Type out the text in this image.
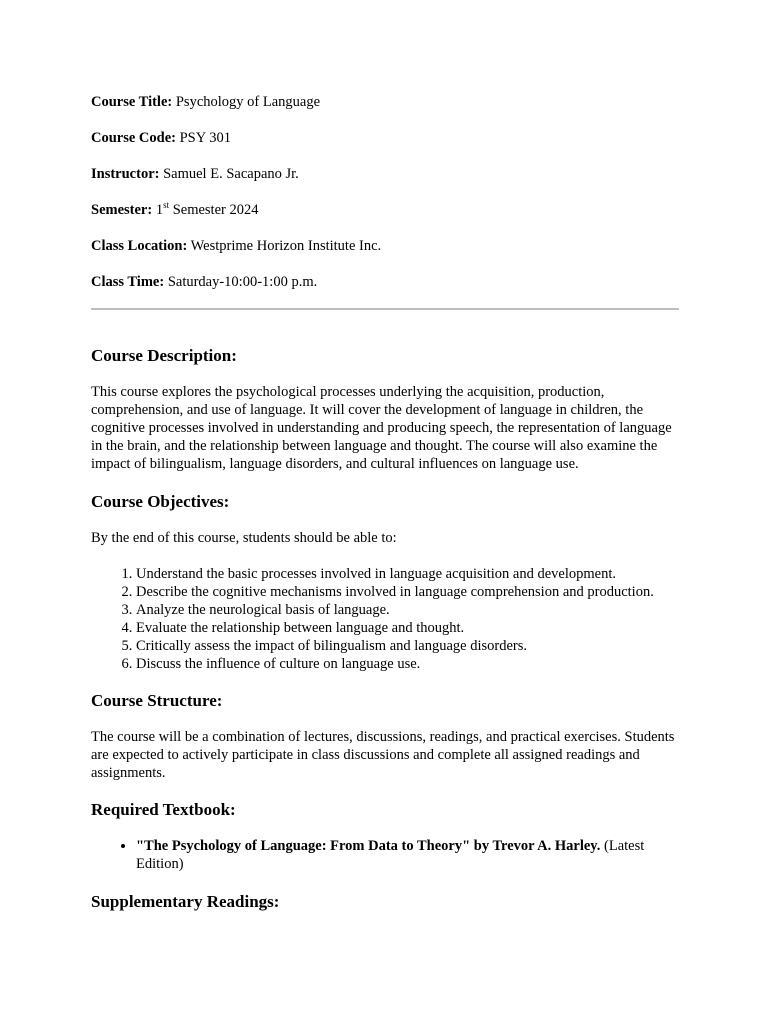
Course Title: Psychology of Language
Course Code: PSY 301
Instructor: Samuel E. Sacapano Jr.
Semester: 1st Semester 2024
Class Location: Westprime Horizon Institute Inc.
Class Time: Saturday-10:00-1:00 p.m.
Course Description:

This course explores the psychological processes underlying the acquisition, production, comprehension, and use of language. It will cover the development of language in children, the cognitive processes involved in understanding and producing speech, the representation of language in the brain, and the relationship between language and thought. The course will also examine the impact of bilingualism, language disorders, and cultural influences on language use.

Course Objectives:

By the end of this course, students should be able to:

1. Understand the basic processes involved in language acquisition and development.
2. Describe the cognitive mechanisms involved in language comprehension and production.
3. Analyze the neurological basis of language.
4. Evaluate the relationship between language and thought.
5. Critically assess the impact of bilingualism and language disorders.
6. Discuss the influence of culture on language use.
Course Structure:

The course will be a combination of lectures, discussions, readings, and practical exercises. Students are expected to actively participate in class discussions and complete all assigned readings and assignments.

Required Textbook:
• "The Psychology of Language: From Data to Theory" by Trevor A. Harley. (Latest Edition)
Supplementary Readings:
